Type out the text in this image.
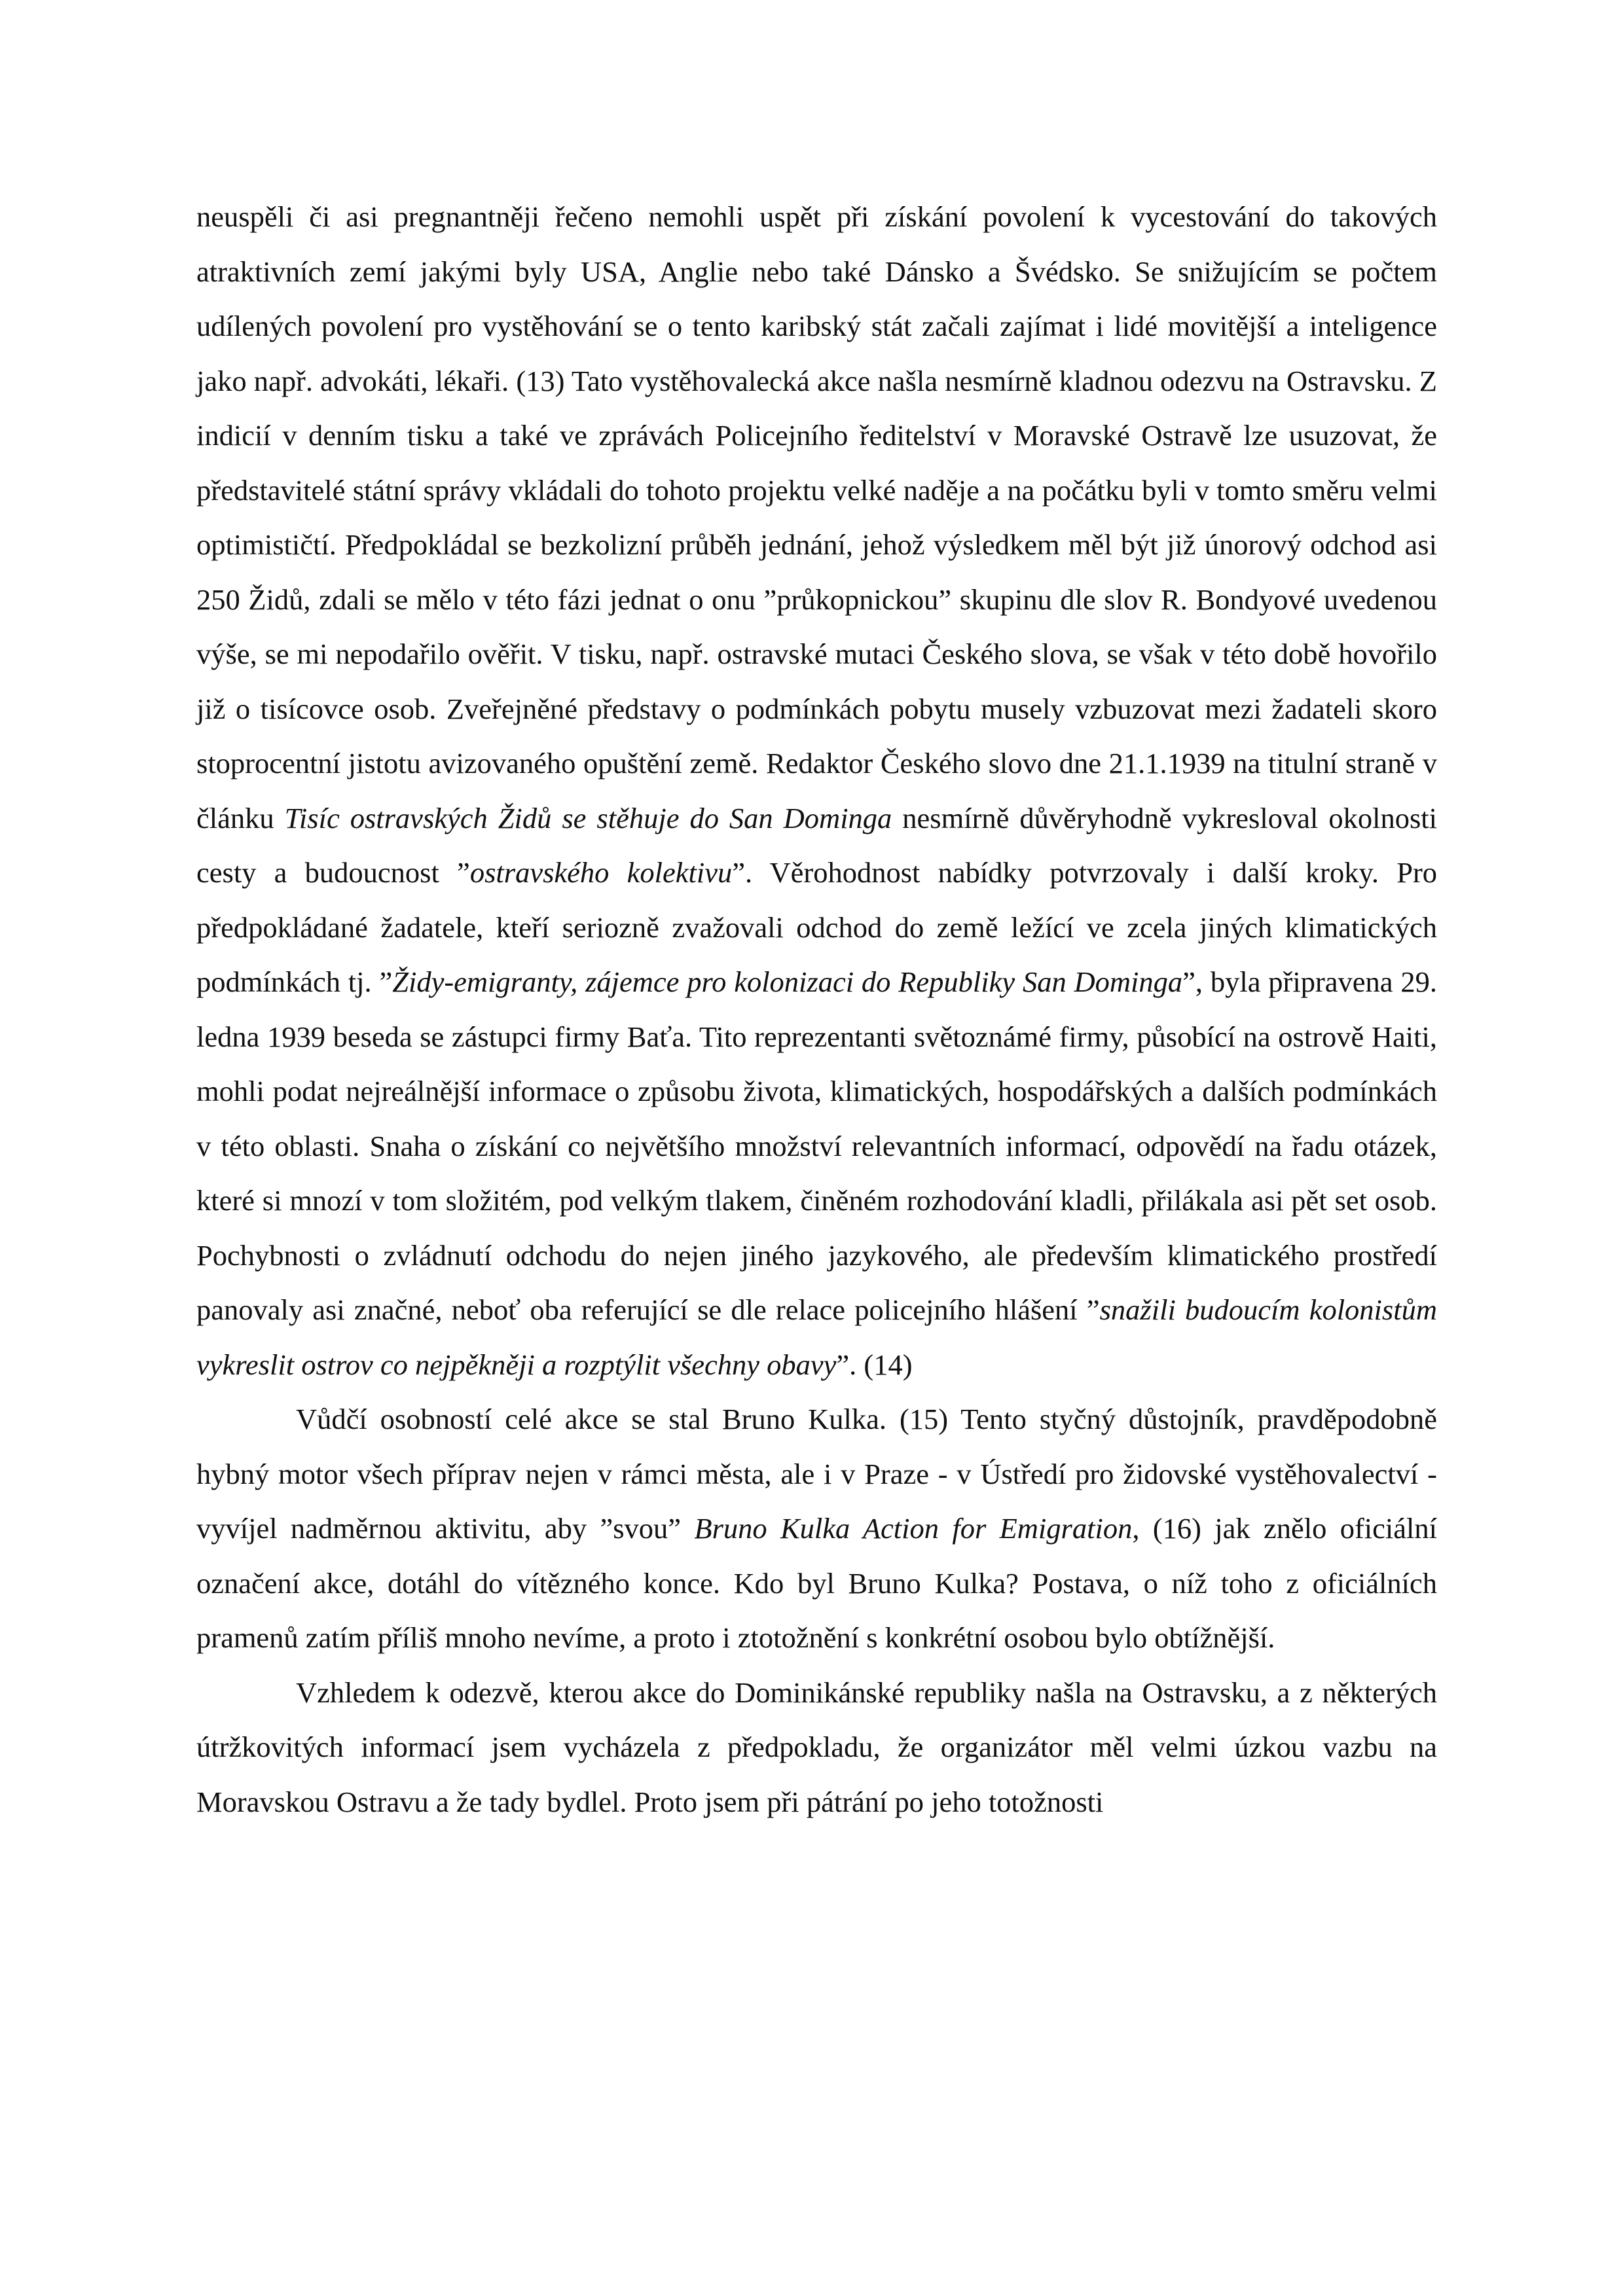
neuspěli či asi pregnantněji řečeno nemohli uspět při získání povolení k vycestování do takových atraktivních zemí jakými byly USA, Anglie nebo také Dánsko a Švédsko. Se snižujícím se počtem udílených povolení pro vystěhování se o tento karibský stát začali zajímat i lidé movitější a inteligence jako např. advokáti, lékaři. (13) Tato vystěhovalecká akce našla nesmírně kladnou odezvu na Ostravsku. Z indicií v denním tisku a také ve zprávách Policejního ředitelství v Moravské Ostravě lze usuzovat, že představitelé státní správy vkládali do tohoto projektu velké naděje a na počátku byli v tomto směru velmi optimističtí. Předpokládal se bezkolizní průběh jednání, jehož výsledkem měl být již únorový odchod asi 250 Židů, zdali se mělo v této fázi jednat o onu ”průkopnickou” skupinu dle slov R. Bondyové uvedenou výše, se mi nepodařilo ověřit. V tisku, např. ostravské mutaci Českého slova, se však v této době hovořilo již o tisícovce osob. Zveřejněné představy o podmínkách pobytu musely vzbuzovat mezi žadateli skoro stoprocentní jistotu avizovaného opuštění země. Redaktor Českého slovo dne 21.1.1939 na titulní straně v článku Tisíc ostravských Židů se stěhuje do San Dominga nesmírně důvěryhodně vykresloval okolnosti cesty a budoucnost ”ostravského kolektivu”. Věrohodnost nabídky potvrzovaly i další kroky. Pro předpokládané žadatele, kteří seriozně zvažovali odchod do země ležící ve zcela jiných klimatických podmínkách tj. ”Židy-emigranty, zájemce pro kolonizaci do Republiky San Dominga”, byla připravena 29. ledna 1939 beseda se zástupci firmy Baťa. Tito reprezentanti světoznámé firmy, působící na ostrově Haiti, mohli podat nejreálnější informace o způsobu života, klimatických, hospodářských a dalších podmínkách v této oblasti. Snaha o získání co největšího množství relevantních informací, odpovědí na řadu otázek, které si mnozí v tom složitém, pod velkým tlakem, činěném rozhodování kladli, přilákala asi pět set osob. Pochybnosti o zvládnutí odchodu do nejen jiného jazykového, ale především klimatického prostředí panovaly asi značné, neboť oba referující se dle relace policejního hlášení ”snažili budoucím kolonistům vykreslit ostrov co nejpěkněji a rozptýlit všechny obavy”. (14)

Vůdčí osobností celé akce se stal Bruno Kulka. (15) Tento styčný důstojník, pravděpodobně hybný motor všech příprav nejen v rámci města, ale i v Praze - v Ústředí pro židovské vystěhovalectví - vyvíjel nadměrnou aktivitu, aby ”svou” Bruno Kulka Action for Emigration, (16) jak znělo oficiální označení akce, dotáhl do vítězného konce. Kdo byl Bruno Kulka? Postava, o níž toho z oficiálních pramenů zatím příliš mnoho nevíme, a proto i ztotožnění s konkrétní osobou bylo obtížnější.

Vzhledem k odezvě, kterou akce do Dominikánské republiky našla na Ostravsku, a z některých útržkovitých informací jsem vycházela z předpokladu, že organizátor měl velmi úzkou vazbu na Moravskou Ostravu a že tady bydlel. Proto jsem při pátrání po jeho totožnosti
